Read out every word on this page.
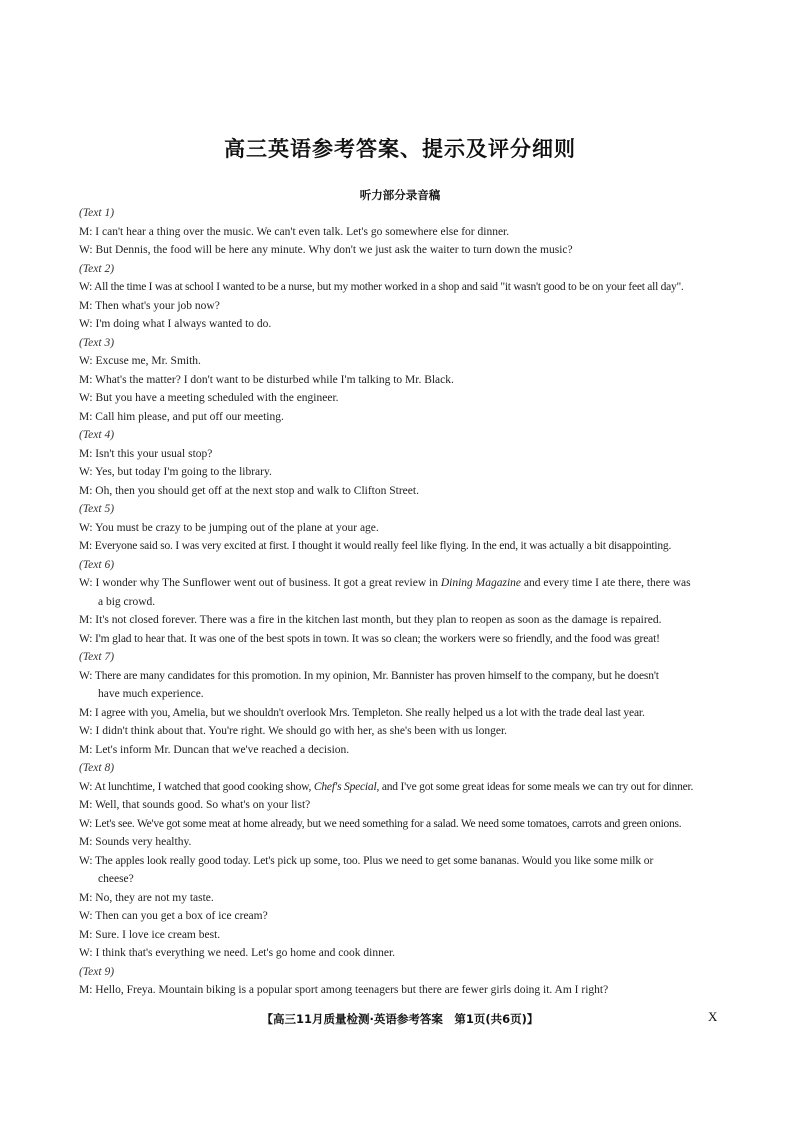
高三英语参考答案、提示及评分细则
听力部分录音稿
(Text 1)
M: I can't hear a thing over the music. We can't even talk. Let's go somewhere else for dinner.
W: But Dennis, the food will be here any minute. Why don't we just ask the waiter to turn down the music?
(Text 2)
W: All the time I was at school I wanted to be a nurse, but my mother worked in a shop and said "it wasn't good to be on your feet all day".
M: Then what's your job now?
W: I'm doing what I always wanted to do.
(Text 3)
W: Excuse me, Mr. Smith.
M: What's the matter? I don't want to be disturbed while I'm talking to Mr. Black.
W: But you have a meeting scheduled with the engineer.
M: Call him please, and put off our meeting.
(Text 4)
M: Isn't this your usual stop?
W: Yes, but today I'm going to the library.
M: Oh, then you should get off at the next stop and walk to Clifton Street.
(Text 5)
W: You must be crazy to be jumping out of the plane at your age.
M: Everyone said so. I was very excited at first. I thought it would really feel like flying. In the end, it was actually a bit disappointing.
(Text 6)
W: I wonder why The Sunflower went out of business. It got a great review in Dining Magazine and every time I ate there, there was
a big crowd.
M: It's not closed forever. There was a fire in the kitchen last month, but they plan to reopen as soon as the damage is repaired.
W: I'm glad to hear that. It was one of the best spots in town. It was so clean; the workers were so friendly, and the food was great!
(Text 7)
W: There are many candidates for this promotion. In my opinion, Mr. Bannister has proven himself to the company, but he doesn't
have much experience.
M: I agree with you, Amelia, but we shouldn't overlook Mrs. Templeton. She really helped us a lot with the trade deal last year.
W: I didn't think about that. You're right. We should go with her, as she's been with us longer.
M: Let's inform Mr. Duncan that we've reached a decision.
(Text 8)
W: At lunchtime, I watched that good cooking show, Chef's Special, and I've got some great ideas for some meals we can try out for dinner.
M: Well, that sounds good. So what's on your list?
W: Let's see. We've got some meat at home already, but we need something for a salad. We need some tomatoes, carrots and green onions.
M: Sounds very healthy.
W: The apples look really good today. Let's pick up some, too. Plus we need to get some bananas. Would you like some milk or
cheese?
M: No, they are not my taste.
W: Then can you get a box of ice cream?
M: Sure. I love ice cream best.
W: I think that's everything we need. Let's go home and cook dinner.
(Text 9)
M: Hello, Freya. Mountain biking is a popular sport among teenagers but there are fewer girls doing it. Am I right?
【高三11月质量检测·英语参考答案　第1页(共6页)】	X
